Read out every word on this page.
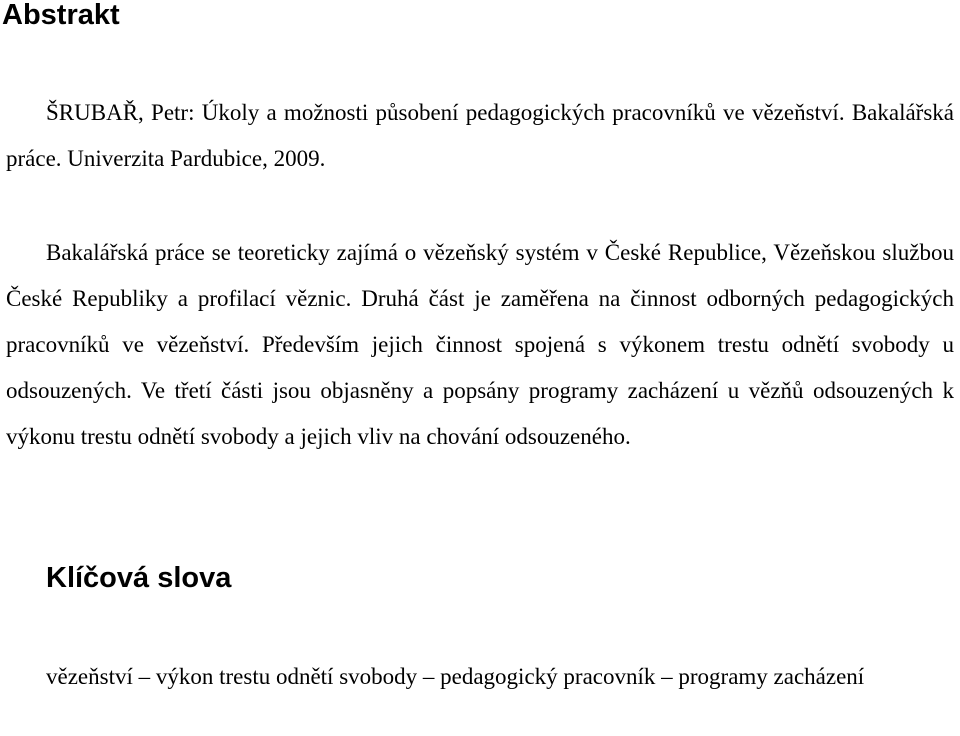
Abstrakt

ŠRUBAŘ, Petr: Úkoly a možnosti působení pedagogických pracovníků ve vězeňství. Bakalářská práce. Univerzita Pardubice, 2009.

Bakalářská práce se teoreticky zajímá o vězeňský systém v České Republice, Vězeňskou službou České Republiky a profilací věznic. Druhá část je zaměřena na činnost odborných pedagogických pracovníků ve vězeňství. Především jejich činnost spojená s výkonem trestu odnětí svobody u odsouzených. Ve třetí části jsou objasněny a popsány programy zacházení u vězňů odsouzených k výkonu trestu odnětí svobody a jejich vliv na chování odsouzeného.

Klíčová slova

vězeňství – výkon trestu odnětí svobody – pedagogický pracovník – programy zacházení
